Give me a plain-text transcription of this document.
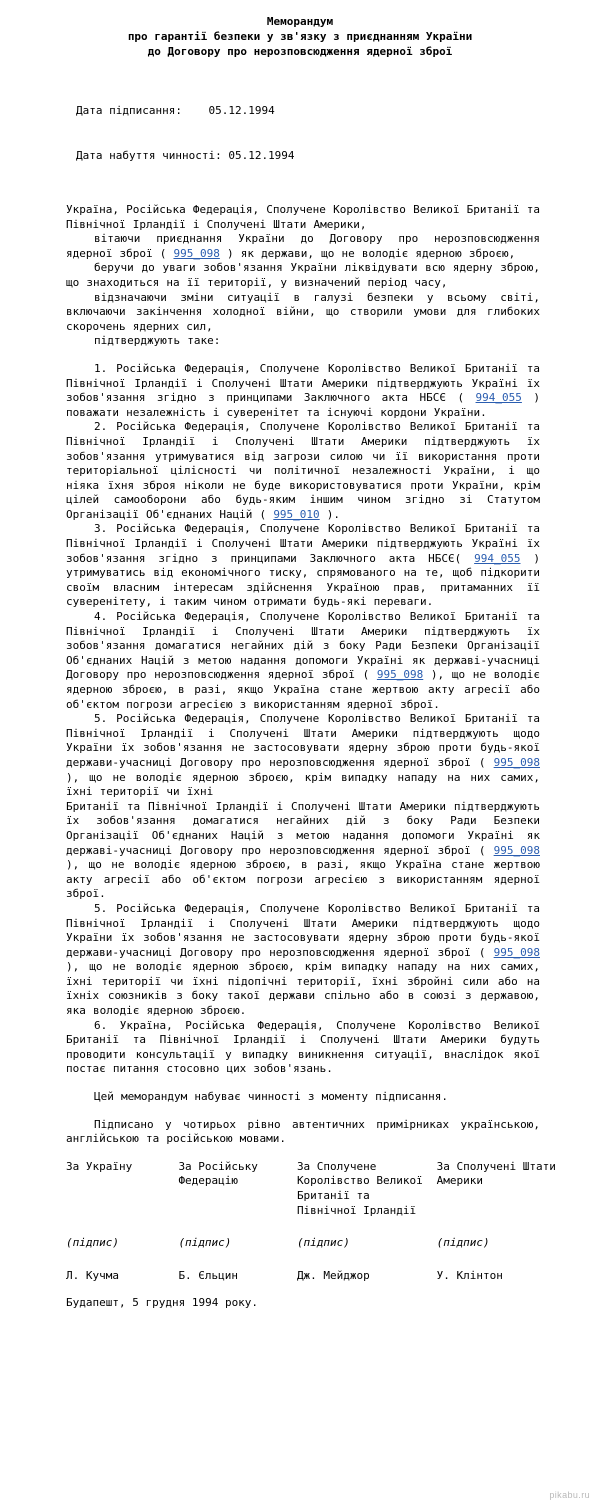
Меморандум
про гарантії безпеки у зв'язку з приєднанням України
до Договору про нерозповсюдження ядерної зброї

Дата підписання: 05.12.1994

Дата набуття чинності: 05.12.1994

Україна, Російська Федерація, Сполучене Королівство Великої Британії та Північної Ірландії і Сполучені Штати Америки,

вітаючи приєднання України до Договору про нерозповсюдження ядерної зброї ( 995_098 ) як держави, що не володіє ядерною зброєю,

беручи до уваги зобов'язання України ліквідувати всю ядерну зброю, що знаходиться на її території, у визначений період часу,

відзначаючи зміни ситуації в галузі безпеки у всьому світі, включаючи закінчення холодної війни, що створили умови для глибоких скорочень ядерних сил,

підтверджують таке:

1. Російська Федерація, Сполучене Королівство Великої Британії та Північної Ірландії і Сполучені Штати Америки підтверджують Україні їх зобов'язання згідно з принципами Заключного акта НБСЄ ( 994_055 ) поважати незалежність і суверенітет та існуючі кордони України.

2. Російська Федерація, Сполучене Королівство Великої Британії та Північної Ірландії і Сполучені Штати Америки підтверджують їх зобов'язання утримуватися від загрози силою чи її використання проти територіальної цілісності чи політичної незалежності України, і що ніяка їхня зброя ніколи не буде використовуватися проти України, крім цілей самооборони або будь-яким іншим чином згідно зі Статутом Організації Об'єднаних Націй ( 995_010 ).

3. Російська Федерація, Сполучене Королівство Великої Британії та Північної Ірландії і Сполучені Штати Америки підтверджують Україні їх зобов'язання згідно з принципами Заключного акта НБСЄ( 994_055 ) утримуватись від економічного тиску, спрямованого на те, щоб підкорити своїм власним інтересам здійснення Україною прав, притаманних її суверенітету, і таким чином отримати будь-які переваги.

4. Російська Федерація, Сполучене Королівство Великої Британії та Північної Ірландії і Сполучені Штати Америки підтверджують їх зобов'язання домагатися негайних дій з боку Ради Безпеки Організації Об'єднаних Націй з метою надання допомоги Україні як державі-учасниці Договору про нерозповсюдження ядерної зброї ( 995_098 ), що не володіє ядерною зброєю, в разі, якщо Україна стане жертвою акту агресії або об'єктом погрози агресією з використанням ядерної зброї.

5. Російська Федерація, Сполучене Королівство Великої Британії та Північної Ірландії і Сполучені Штати Америки підтверджують щодо України їх зобов'язання не застосовувати ядерну зброю проти будь-якої держави-учасниці Договору про нерозповсюдження ядерної зброї ( 995_098 ), що не володіє ядерною зброєю, крім випадку нападу на них самих, їхні території чи їхні

Британії та Північної Ірландії і Сполучені Штати Америки підтверджують їх зобов'язання домагатися негайних дій з боку Ради Безпеки Організації Об'єднаних Націй з метою надання допомоги Україні як державі-учасниці Договору про нерозповсюдження ядерної зброї ( 995_098 ), що не володіє ядерною зброєю, в разі, якщо Україна стане жертвою акту агресії або об'єктом погрози агресією з використанням ядерної зброї.

5. Російська Федерація, Сполучене Королівство Великої Британії та Північної Ірландії і Сполучені Штати Америки підтверджують щодо України їх зобов'язання не застосовувати ядерну зброю проти будь-якої держави-учасниці Договору про нерозповсюдження ядерної зброї ( 995_098 ), що не володіє ядерною зброєю, крім випадку нападу на них самих, їхні території чи їхні підопічні території, їхні збройні сили або на їхніх союзників з боку такої держави спільно або в союзі з державою, яка володіє ядерною зброєю.

6. Україна, Російська Федерація, Сполучене Королівство Великої Британії та Північної Ірландії і Сполучені Штати Америки будуть проводити консультації у випадку виникнення ситуації, внаслідок якої постає питання стосовно цих зобов'язань.

Цей меморандум набуває чинності з моменту підписання.

Підписано у чотирьох рівно автентичних примірниках українською, англійською та російською мовами.

За Україну	За Російську Федерацію	За Сполучене Королівство Великої Британії та Північної Ірландії	За Сполучені Штати Америки

(підпис)	(підпис)	(підпис)	(підпис)

Л. Кучма	Б. Єльцин	Дж. Мейджор	У. Клінтон
Будапешт, 5 грудня 1994 року.
pikabu.ru
